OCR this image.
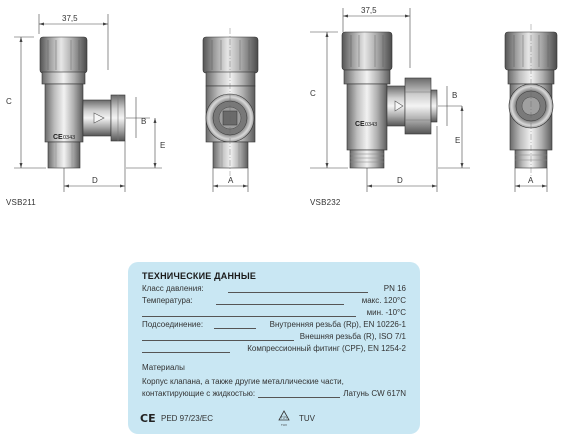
37,5
CE 0343
C
B
E
D	A
37,5
CE 0343
C	B
E
D	A
VSB211	VSB232
ТЕХНИЧЕСКИЕ ДАННЫЕ
Класс давления:	PN 16
Температура:	макс. 120°C
мин. -10°C
Подсоединение:	Внутренняя резьба (Rp), EN 10226-1
Внешняя резьба (R), ISO 7/1
Компрессионный фитинг (CPF), EN 1254-2
Материалы
Корпус клапана, а также другие металлические части,
контактирующие с жидкостью:	Латунь CW 617N
CE PED 97/23/EC	TÜV
TUV
TUV
